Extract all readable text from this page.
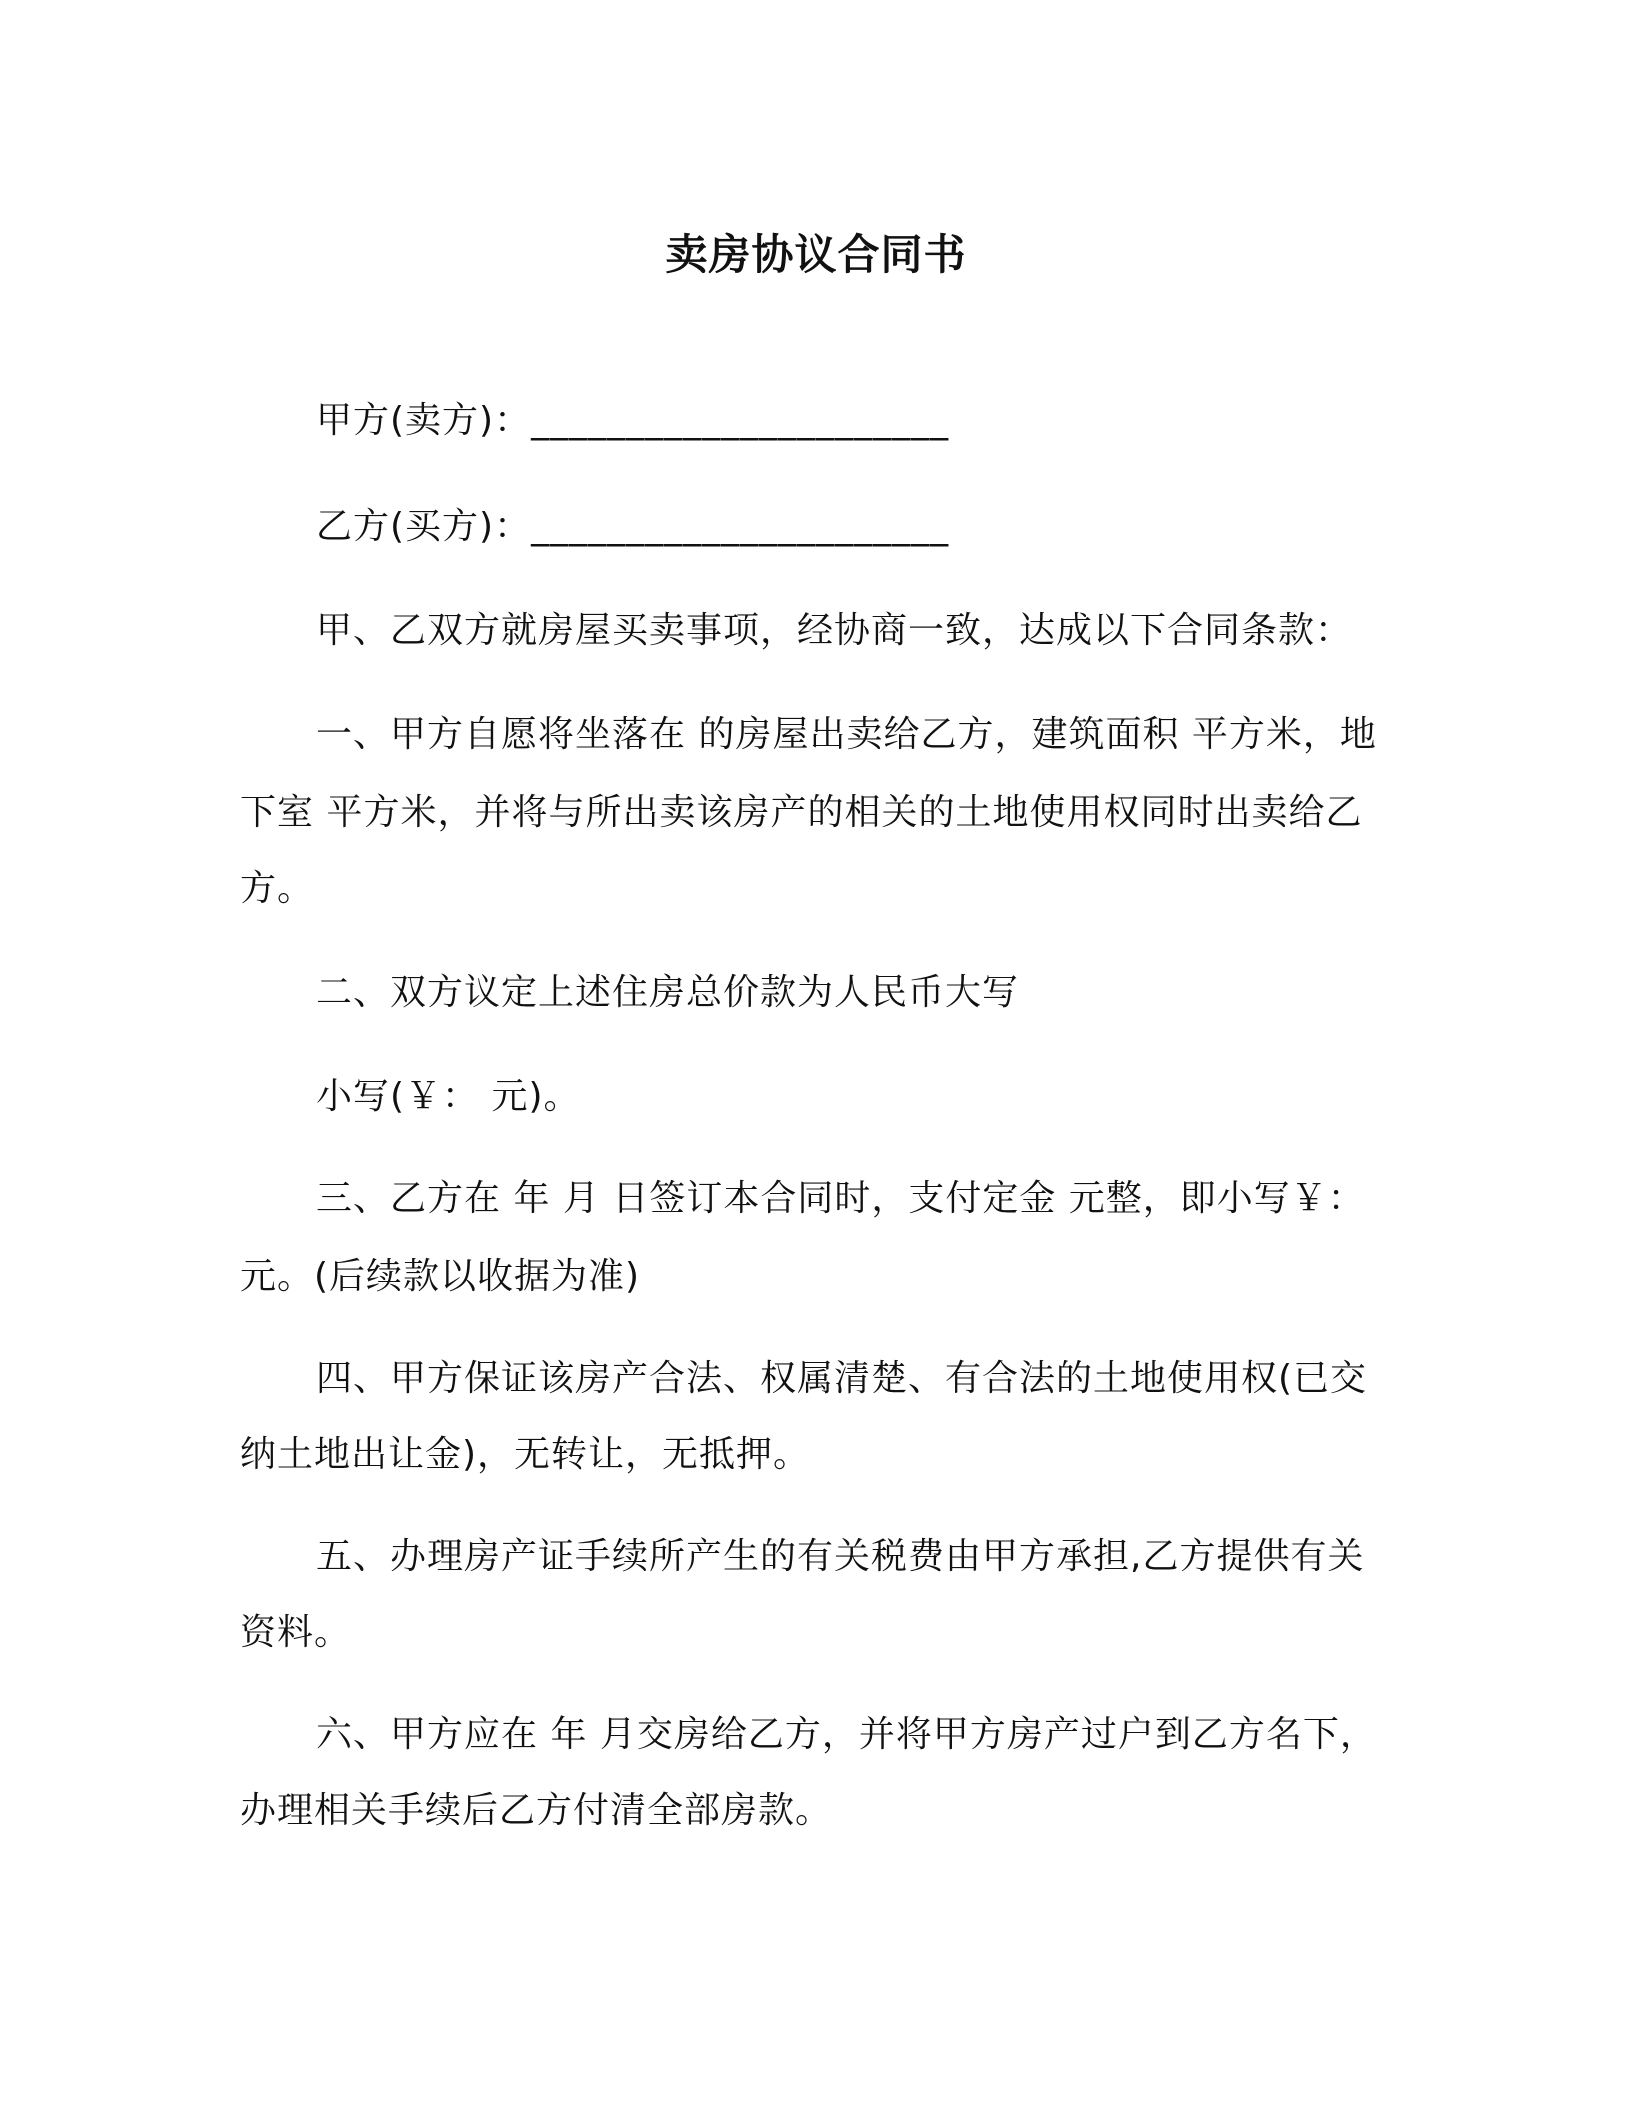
卖房协议合同书
甲方(卖方)：______________________
乙方(买方)：______________________
甲、乙双方就房屋买卖事项，经协商一致，达成以下合同条款：
一、甲方自愿将坐落在 的房屋出卖给乙方，建筑面积 平方米，地
下室 平方米，并将与所出卖该房产的相关的土地使用权同时出卖给乙
方。
二、双方议定上述住房总价款为人民币大写
小写(￥： 元)。
三、乙方在 年 月 日签订本合同时，支付定金 元整，即小写￥：
元。(后续款以收据为准)
四、甲方保证该房产合法、权属清楚、有合法的土地使用权(已交
纳土地出让金)，无转让，无抵押。
五、办理房产证手续所产生的有关税费由甲方承担,乙方提供有关
资料。
六、甲方应在 年 月交房给乙方，并将甲方房产过户到乙方名下，
办理相关手续后乙方付清全部房款。
